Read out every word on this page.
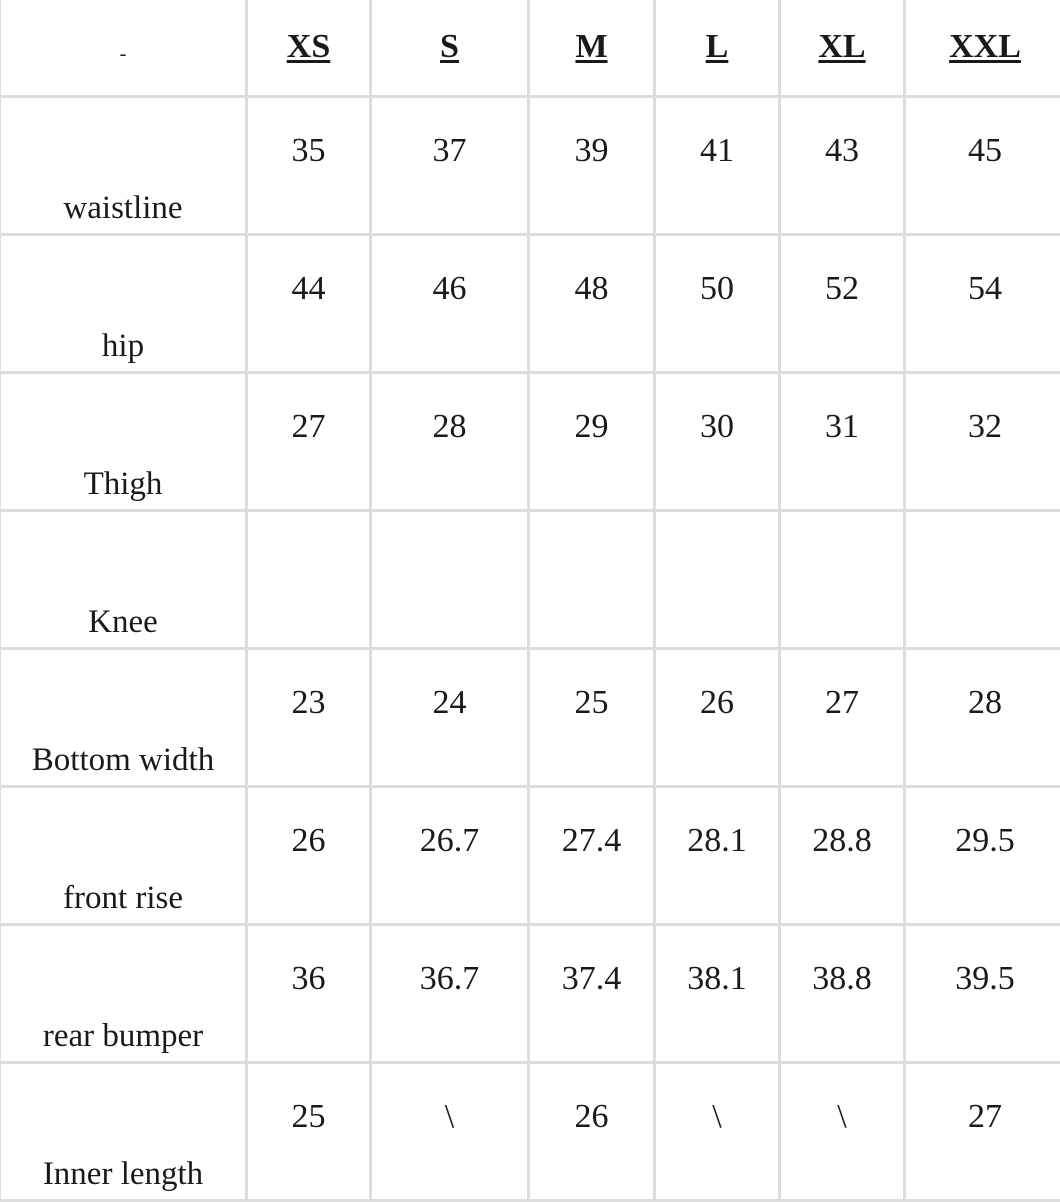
-	XS	S	M	L	XL	XXL
waistline	35	37	39	41	43	45
hip	44	46	48	50	52	54
Thigh	27	28	29	30	31	32
Knee						
Bottom width	23	24	25	26	27	28
front rise	26	26.7	27.4	28.1	28.8	29.5
rear bumper	36	36.7	37.4	38.1	38.8	39.5
Inner length	25	\	26	\	\	27
